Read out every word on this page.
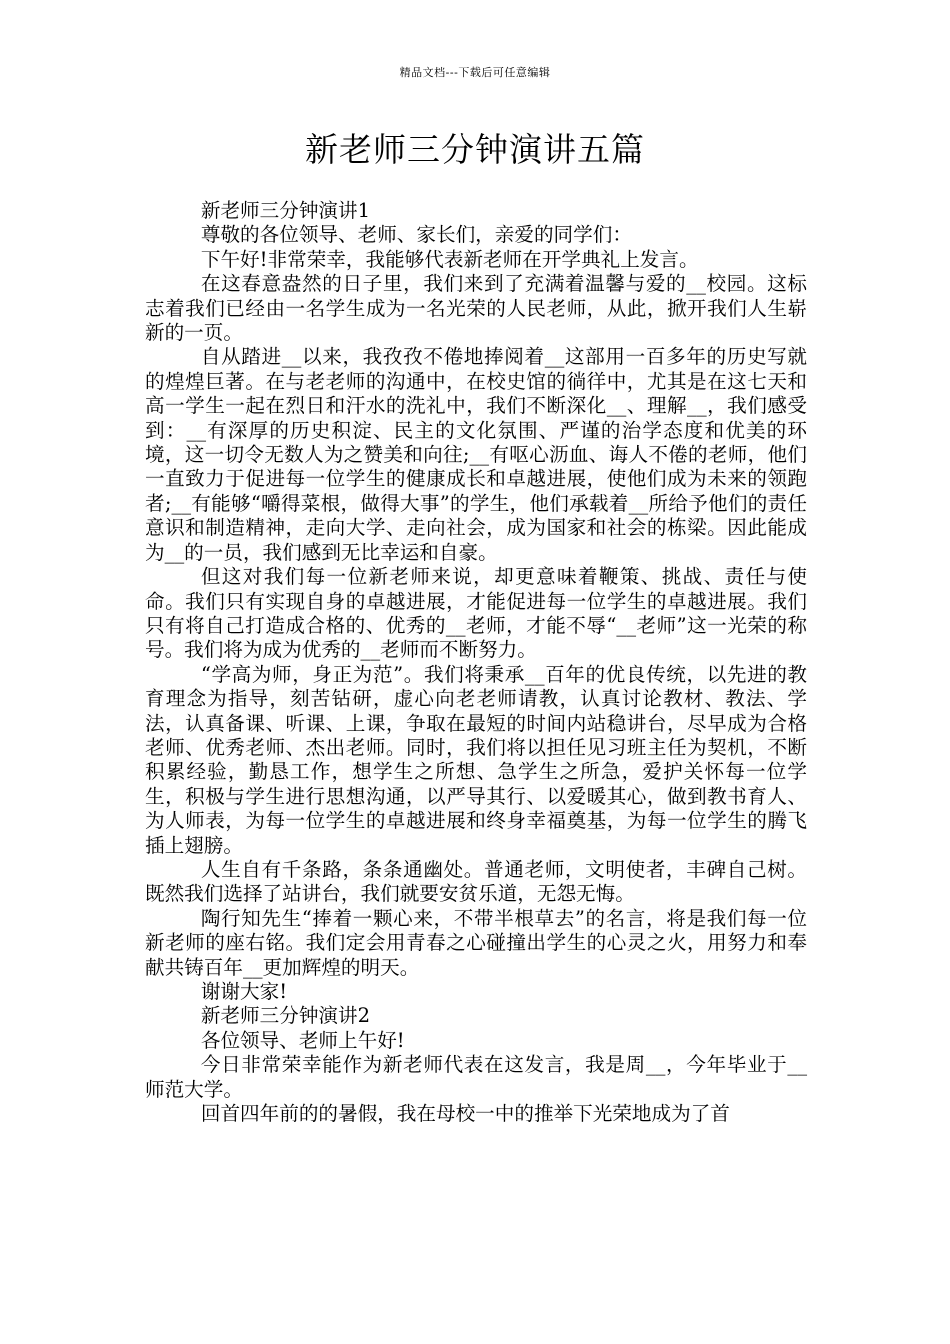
精品文档---下载后可任意编辑
新老师三分钟演讲五篇

新老师三分钟演讲1

尊敬的各位领导、老师、家长们，亲爱的同学们：

下午好!非常荣幸，我能够代表新老师在开学典礼上发言。

在这春意盎然的日子里，我们来到了充满着温馨与爱的__校园。这标志着我们已经由一名学生成为一名光荣的人民老师，从此，掀开我们人生崭新的一页。

自从踏进__以来，我孜孜不倦地捧阅着__这部用一百多年的历史写就的煌煌巨著。在与老老师的沟通中，在校史馆的徜徉中，尤其是在这七天和高一学生一起在烈日和汗水的洗礼中，我们不断深化__、理解__，我们感受到：__有深厚的历史积淀、民主的文化氛围、严谨的治学态度和优美的环境，这一切令无数人为之赞美和向往;__有呕心沥血、诲人不倦的老师，他们一直致力于促进每一位学生的健康成长和卓越进展，使他们成为未来的领跑者;__有能够“嚼得菜根，做得大事”的学生，他们承载着__所给予他们的责任意识和制造精神，走向大学、走向社会，成为国家和社会的栋梁。因此能成为__的一员，我们感到无比幸运和自豪。

但这对我们每一位新老师来说，却更意味着鞭策、挑战、责任与使命。我们只有实现自身的卓越进展，才能促进每一位学生的卓越进展。我们只有将自己打造成合格的、优秀的__老师，才能不辱“__老师”这一光荣的称号。我们将为成为优秀的__老师而不断努力。

“学高为师，身正为范”。我们将秉承__百年的优良传统，以先进的教育理念为指导，刻苦钻研，虚心向老老师请教，认真讨论教材、教法、学法，认真备课、听课、上课，争取在最短的时间内站稳讲台，尽早成为合格老师、优秀老师、杰出老师。同时，我们将以担任见习班主任为契机，不断积累经验，勤恳工作，想学生之所想、急学生之所急，爱护关怀每一位学生，积极与学生进行思想沟通，以严导其行、以爱暖其心，做到教书育人、为人师表，为每一位学生的卓越进展和终身幸福奠基，为每一位学生的腾飞插上翅膀。

人生自有千条路，条条通幽处。普通老师，文明使者，丰碑自己树。既然我们选择了站讲台，我们就要安贫乐道，无怨无悔。

陶行知先生“捧着一颗心来，不带半根草去”的名言，将是我们每一位新老师的座右铭。我们定会用青春之心碰撞出学生的心灵之火，用努力和奉献共铸百年__更加辉煌的明天。

谢谢大家!

新老师三分钟演讲2

各位领导、老师上午好!

今日非常荣幸能作为新老师代表在这发言，我是周__，今年毕业于__师范大学。

回首四年前的的暑假，我在母校一中的推举下光荣地成为了首
